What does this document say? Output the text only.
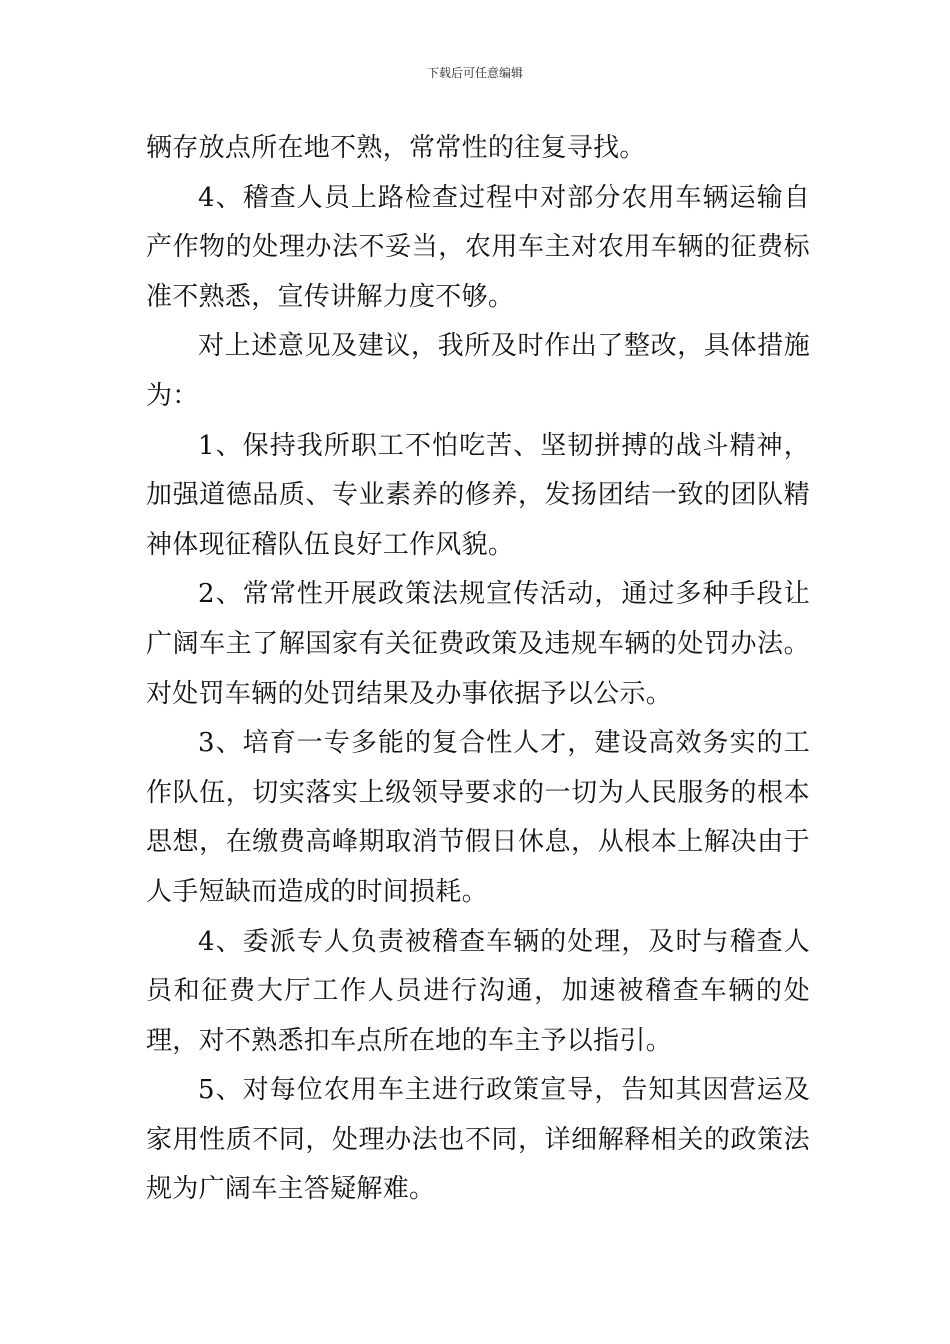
下载后可任意编辑

辆存放点所在地不熟，常常性的往复寻找。

4、稽查人员上路检查过程中对部分农用车辆运输自产作物的处理办法不妥当，农用车主对农用车辆的征费标准不熟悉，宣传讲解力度不够。

对上述意见及建议，我所及时作出了整改，具体措施为：

1、保持我所职工不怕吃苦、坚韧拼搏的战斗精神，加强道德品质、专业素养的修养，发扬团结一致的团队精神体现征稽队伍良好工作风貌。

2、常常性开展政策法规宣传活动，通过多种手段让广阔车主了解国家有关征费政策及违规车辆的处罚办法。对处罚车辆的处罚结果及办事依据予以公示。

3、培育一专多能的复合性人才，建设高效务实的工作队伍，切实落实上级领导要求的一切为人民服务的根本思想，在缴费高峰期取消节假日休息，从根本上解决由于人手短缺而造成的时间损耗。

4、委派专人负责被稽查车辆的处理，及时与稽查人员和征费大厅工作人员进行沟通，加速被稽查车辆的处理，对不熟悉扣车点所在地的车主予以指引。

5、对每位农用车主进行政策宣导，告知其因营运及家用性质不同，处理办法也不同，详细解释相关的政策法规为广阔车主答疑解难。
